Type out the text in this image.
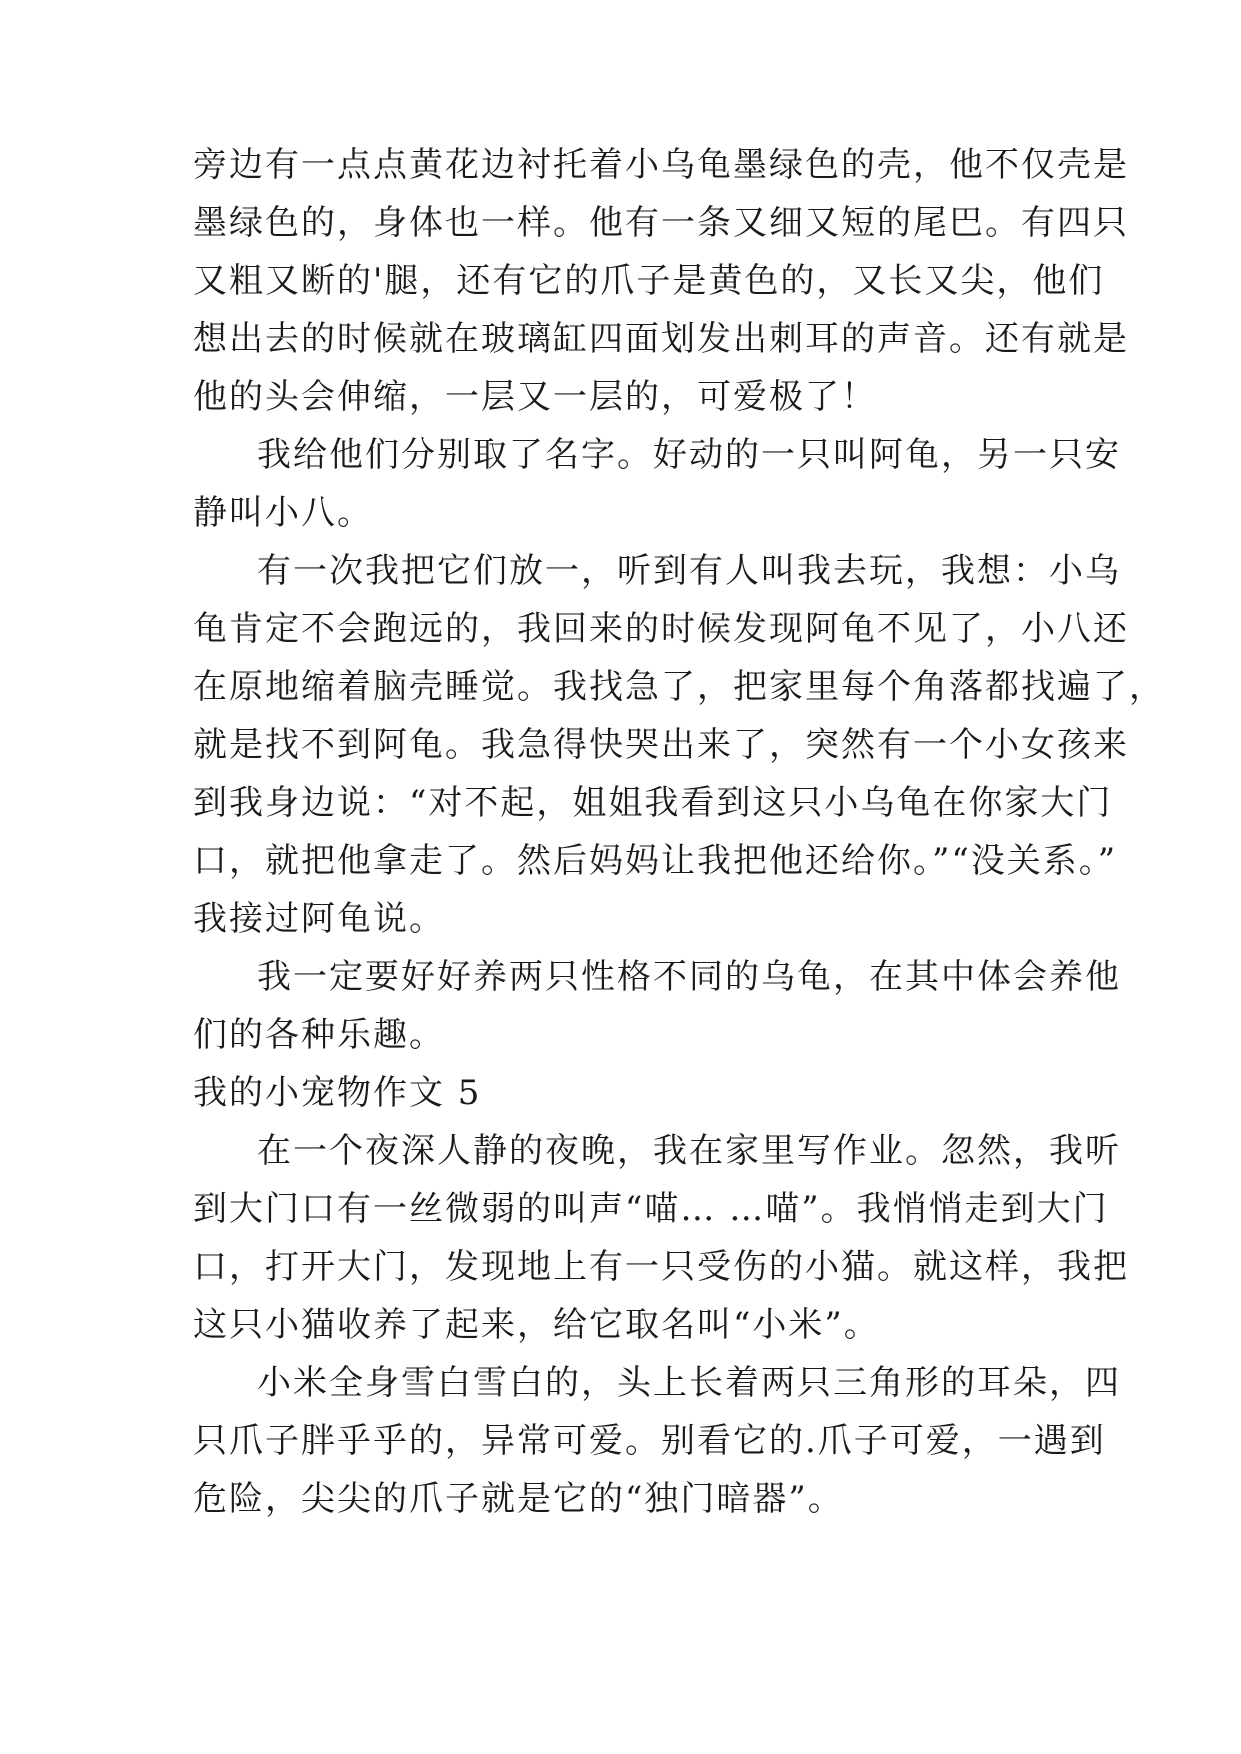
旁边有一点点黄花边衬托着小乌龟墨绿色的壳，他不仅壳是
墨绿色的，身体也一样。他有一条又细又短的尾巴。有四只
又粗又断的'腿，还有它的爪子是黄色的，又长又尖，他们
想出去的时候就在玻璃缸四面划发出刺耳的声音。还有就是
他的头会伸缩，一层又一层的，可爱极了！
我给他们分别取了名字。好动的一只叫阿龟，另一只安
静叫小八。
有一次我把它们放一，听到有人叫我去玩，我想：小乌
龟肯定不会跑远的，我回来的时候发现阿龟不见了，小八还
在原地缩着脑壳睡觉。我找急了，把家里每个角落都找遍了，
就是找不到阿龟。我急得快哭出来了，突然有一个小女孩来
到我身边说：“对不起，姐姐我看到这只小乌龟在你家大门
口，就把他拿走了。然后妈妈让我把他还给你。”“没关系。”
我接过阿龟说。
我一定要好好养两只性格不同的乌龟，在其中体会养他
们的各种乐趣。
我的小宠物作文 5
在一个夜深人静的夜晚，我在家里写作业。忽然，我听
到大门口有一丝微弱的叫声“喵… …喵”。我悄悄走到大门
口，打开大门，发现地上有一只受伤的小猫。就这样，我把
这只小猫收养了起来，给它取名叫“小米”。
小米全身雪白雪白的，头上长着两只三角形的耳朵，四
只爪子胖乎乎的，异常可爱。别看它的.爪子可爱，一遇到
危险，尖尖的爪子就是它的“独门暗器”。
